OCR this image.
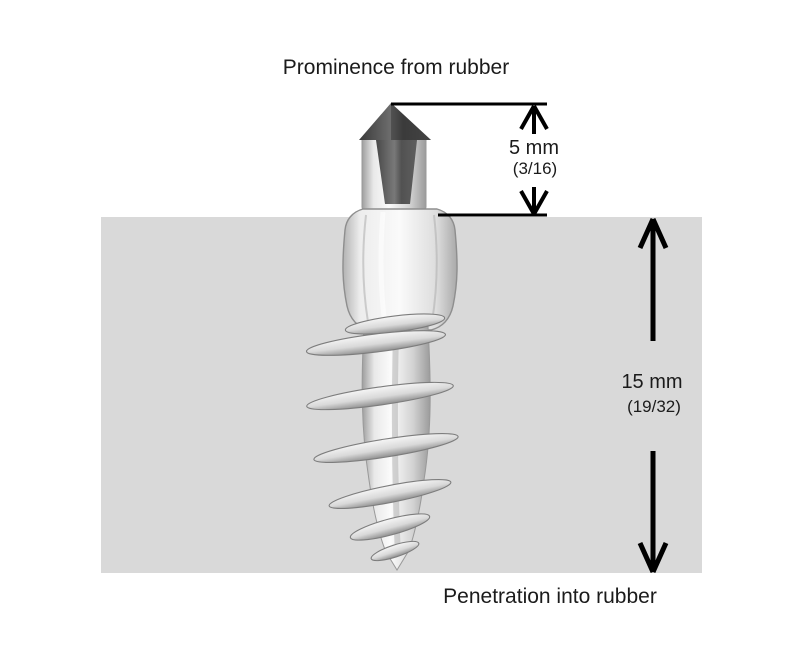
Prominence from rubber
5 mm
(3/16)
15 mm
(19/32)
Penetration into rubber
